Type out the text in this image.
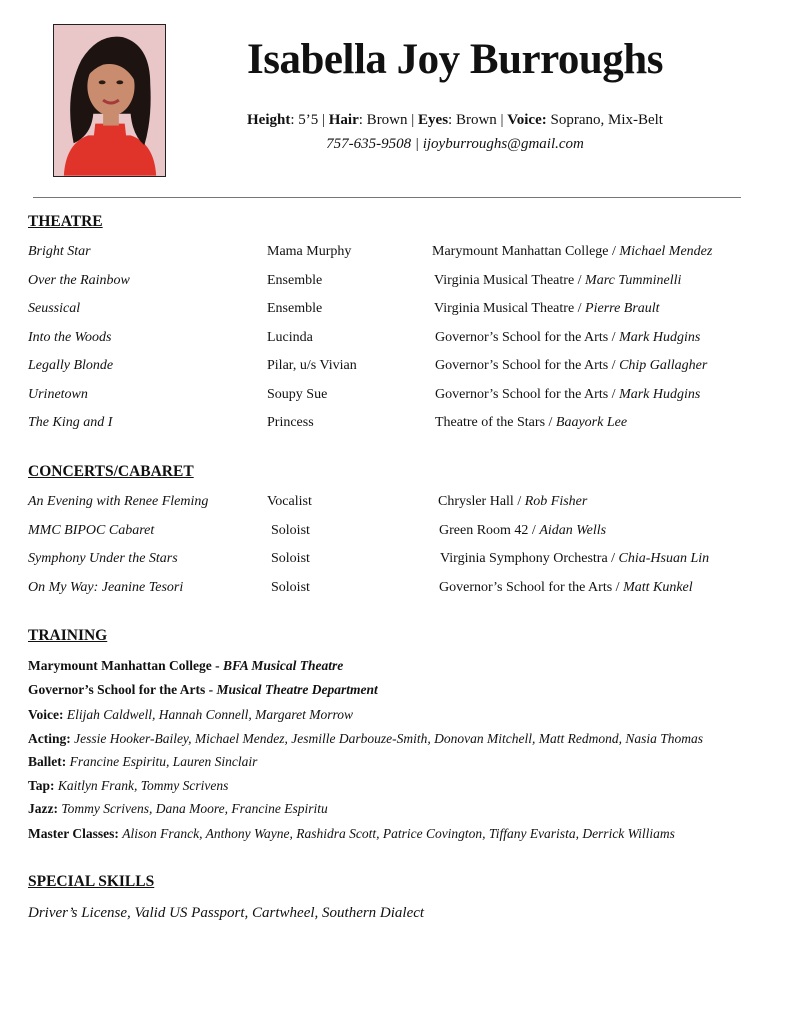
Isabella Joy Burroughs
Height: 5’5 | Hair: Brown | Eyes: Brown | Voice: Soprano, Mix-Belt
757-635-9508 | ijoyburroughs@gmail.com
THEATRE
Bright Star	Mama Murphy	Marymount Manhattan College / Michael Mendez
Over the Rainbow	Ensemble	Virginia Musical Theatre / Marc Tumminelli
Seussical	Ensemble	Virginia Musical Theatre / Pierre Brault
Into the Woods	Lucinda	Governor’s School for the Arts / Mark Hudgins
Legally Blonde	Pilar, u/s Vivian	Governor’s School for the Arts / Chip Gallagher
Urinetown	Soupy Sue	Governor’s School for the Arts / Mark Hudgins
The King and I	Princess	Theatre of the Stars / Baayork Lee
CONCERTS/CABARET
An Evening with Renee Fleming	Vocalist	Chrysler Hall / Rob Fisher
MMC BIPOC Cabaret	Soloist	Green Room 42 / Aidan Wells
Symphony Under the Stars	Soloist	Virginia Symphony Orchestra / Chia-Hsuan Lin
On My Way: Jeanine Tesori	Soloist	Governor’s School for the Arts / Matt Kunkel
TRAINING
Marymount Manhattan College - BFA Musical Theatre
Governor’s School for the Arts - Musical Theatre Department
Voice: Elijah Caldwell, Hannah Connell, Margaret Morrow
Acting: Jessie Hooker-Bailey, Michael Mendez, Jesmille Darbouze-Smith, Donovan Mitchell, Matt Redmond, Nasia Thomas
Ballet: Francine Espiritu, Lauren Sinclair
Tap: Kaitlyn Frank, Tommy Scrivens
Jazz: Tommy Scrivens, Dana Moore, Francine Espiritu
Master Classes: Alison Franck, Anthony Wayne, Rashidra Scott, Patrice Covington, Tiffany Evarista, Derrick Williams
SPECIAL SKILLS
Driver’s License, Valid US Passport, Cartwheel, Southern Dialect
